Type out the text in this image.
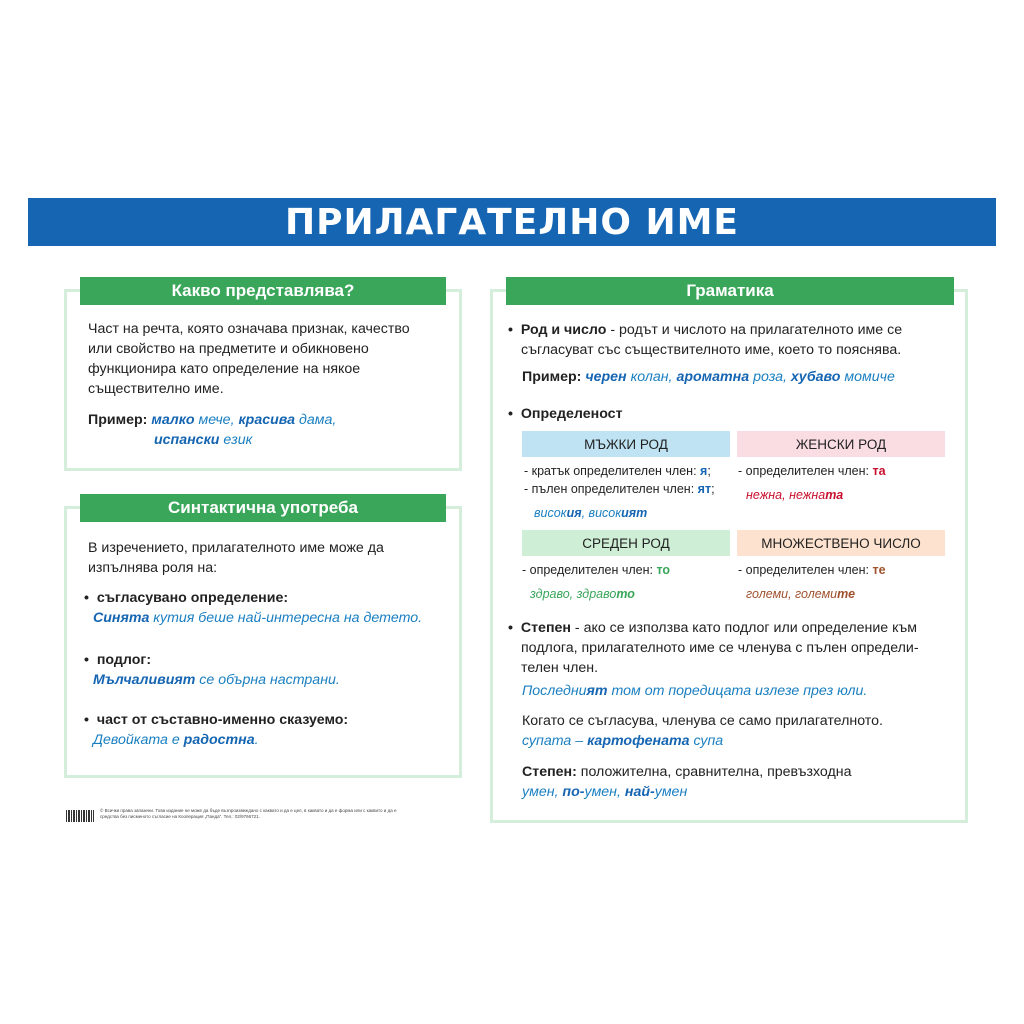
ПРИЛАГАТЕЛНО ИМЕ
Какво представлява?
Част на речта, която означава признак, качество
или свойство на предметите и обикновено
функционира като определение на някое
съществително име.
Пример: малко мече, красива дама,
испански език
Синтактична употреба
В изречението, прилагателното име може да
изпълнява роля на:
•  съгласувано определение:
Синята кутия беше най-интересна на детето.
•  подлог:
Мълчаливият се обърна настрани.
•  част от съставно-именно сказуемо:
Девойката е радостна.
Граматика
•  Род и число - родът и числото на прилагателното име се
съгласуват със съществителното име, което то пояснява.
Пример: черен колан, ароматна роза, хубаво момиче
•  Определеност
МЪЖКИ РОД	ЖЕНСКИ РОД
- кратък определителен член: я;
- пълен определителен член: ят;
високия, високият
- определителен член: та
нежна, нежната
СРЕДЕН РОД	МНОЖЕСТВЕНО ЧИСЛО
- определителен член: то
здраво, здравото
- определителен член: те
големи, големите
•  Степен - ако се използва като подлог или определение към
подлога, прилагателното име се членува с пълен определи-
телен член.
Последният том от поредицата излезе през юли.
Когато се съгласува, членува се само прилагателното.
супата – картофената супа
Степен: положителна, сравнителна, превъзходна
умен, по-умен, най-умен
© Всички права запазени. Това издание не може да бъде възпроизвеждано с каквато и да е цел, в каквато и да е форма или с каквито и да е средства без писменото съгласие на Кооперация „Панда". Тел.: 02/9766721.
